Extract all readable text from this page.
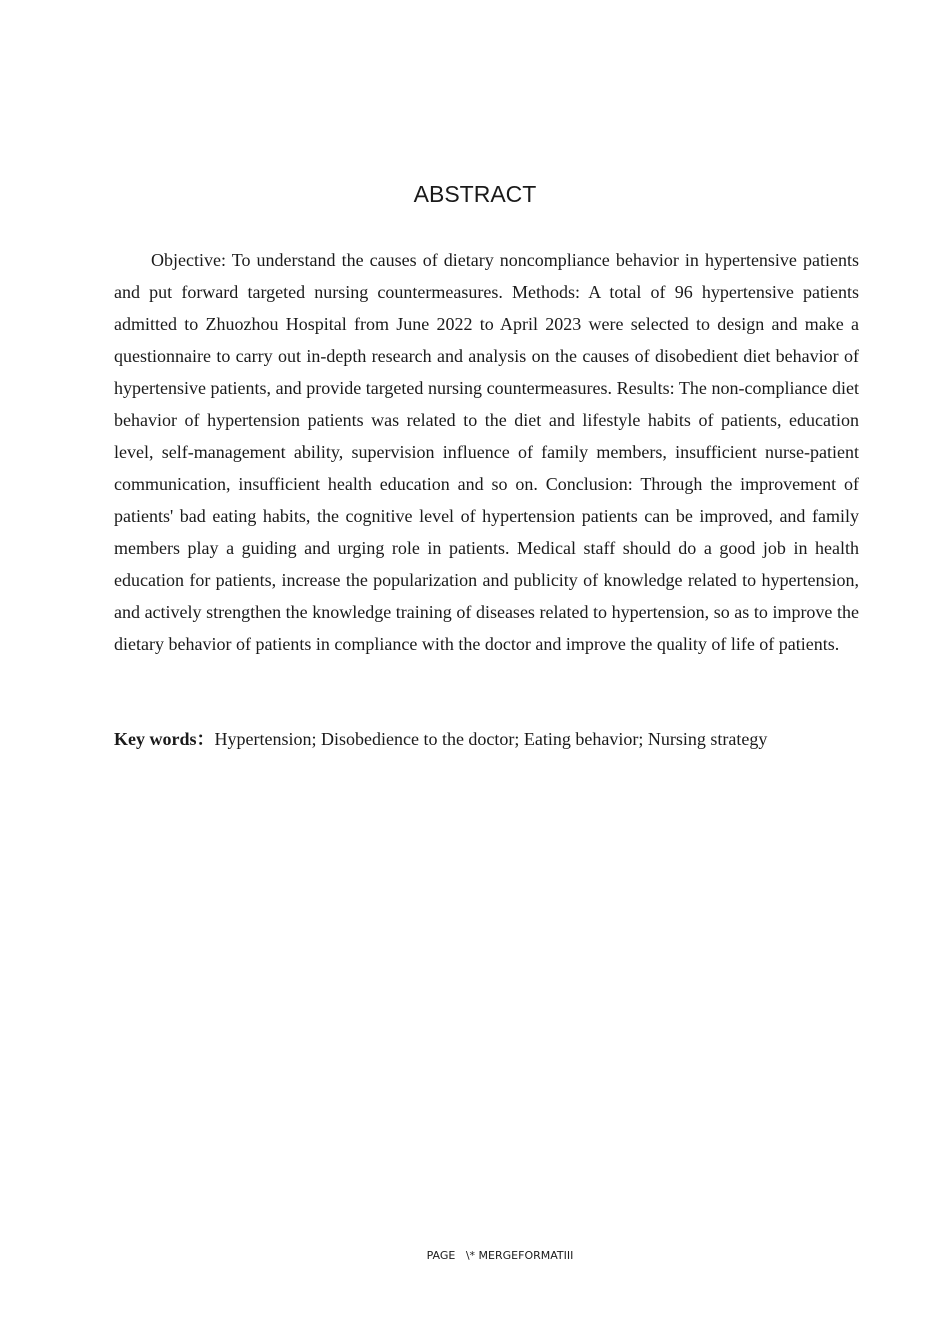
ABSTRACT

Objective: To understand the causes of dietary noncompliance behavior in hypertensive patients and put forward targeted nursing countermeasures. Methods: A total of 96 hypertensive patients admitted to Zhuozhou Hospital from June 2022 to April 2023 were selected to design and make a questionnaire to carry out in-depth research and analysis on the causes of disobedient diet behavior of hypertensive patients, and provide targeted nursing countermeasures. Results: The non-compliance diet behavior of hypertension patients was related to the diet and lifestyle habits of patients, education level, self-management ability, supervision influence of family members, insufficient nurse-patient communication, insufficient health education and so on. Conclusion: Through the improvement of patients' bad eating habits, the cognitive level of hypertension patients can be improved, and family members play a guiding and urging role in patients. Medical staff should do a good job in health education for patients, increase the popularization and publicity of knowledge related to hypertension, and actively strengthen the knowledge training of diseases related to hypertension, so as to improve the dietary behavior of patients in compliance with the doctor and improve the quality of life of patients.

Key words：Hypertension; Disobedience to the doctor; Eating behavior; Nursing strategy

PAGE   \* MERGEFORMATIII
